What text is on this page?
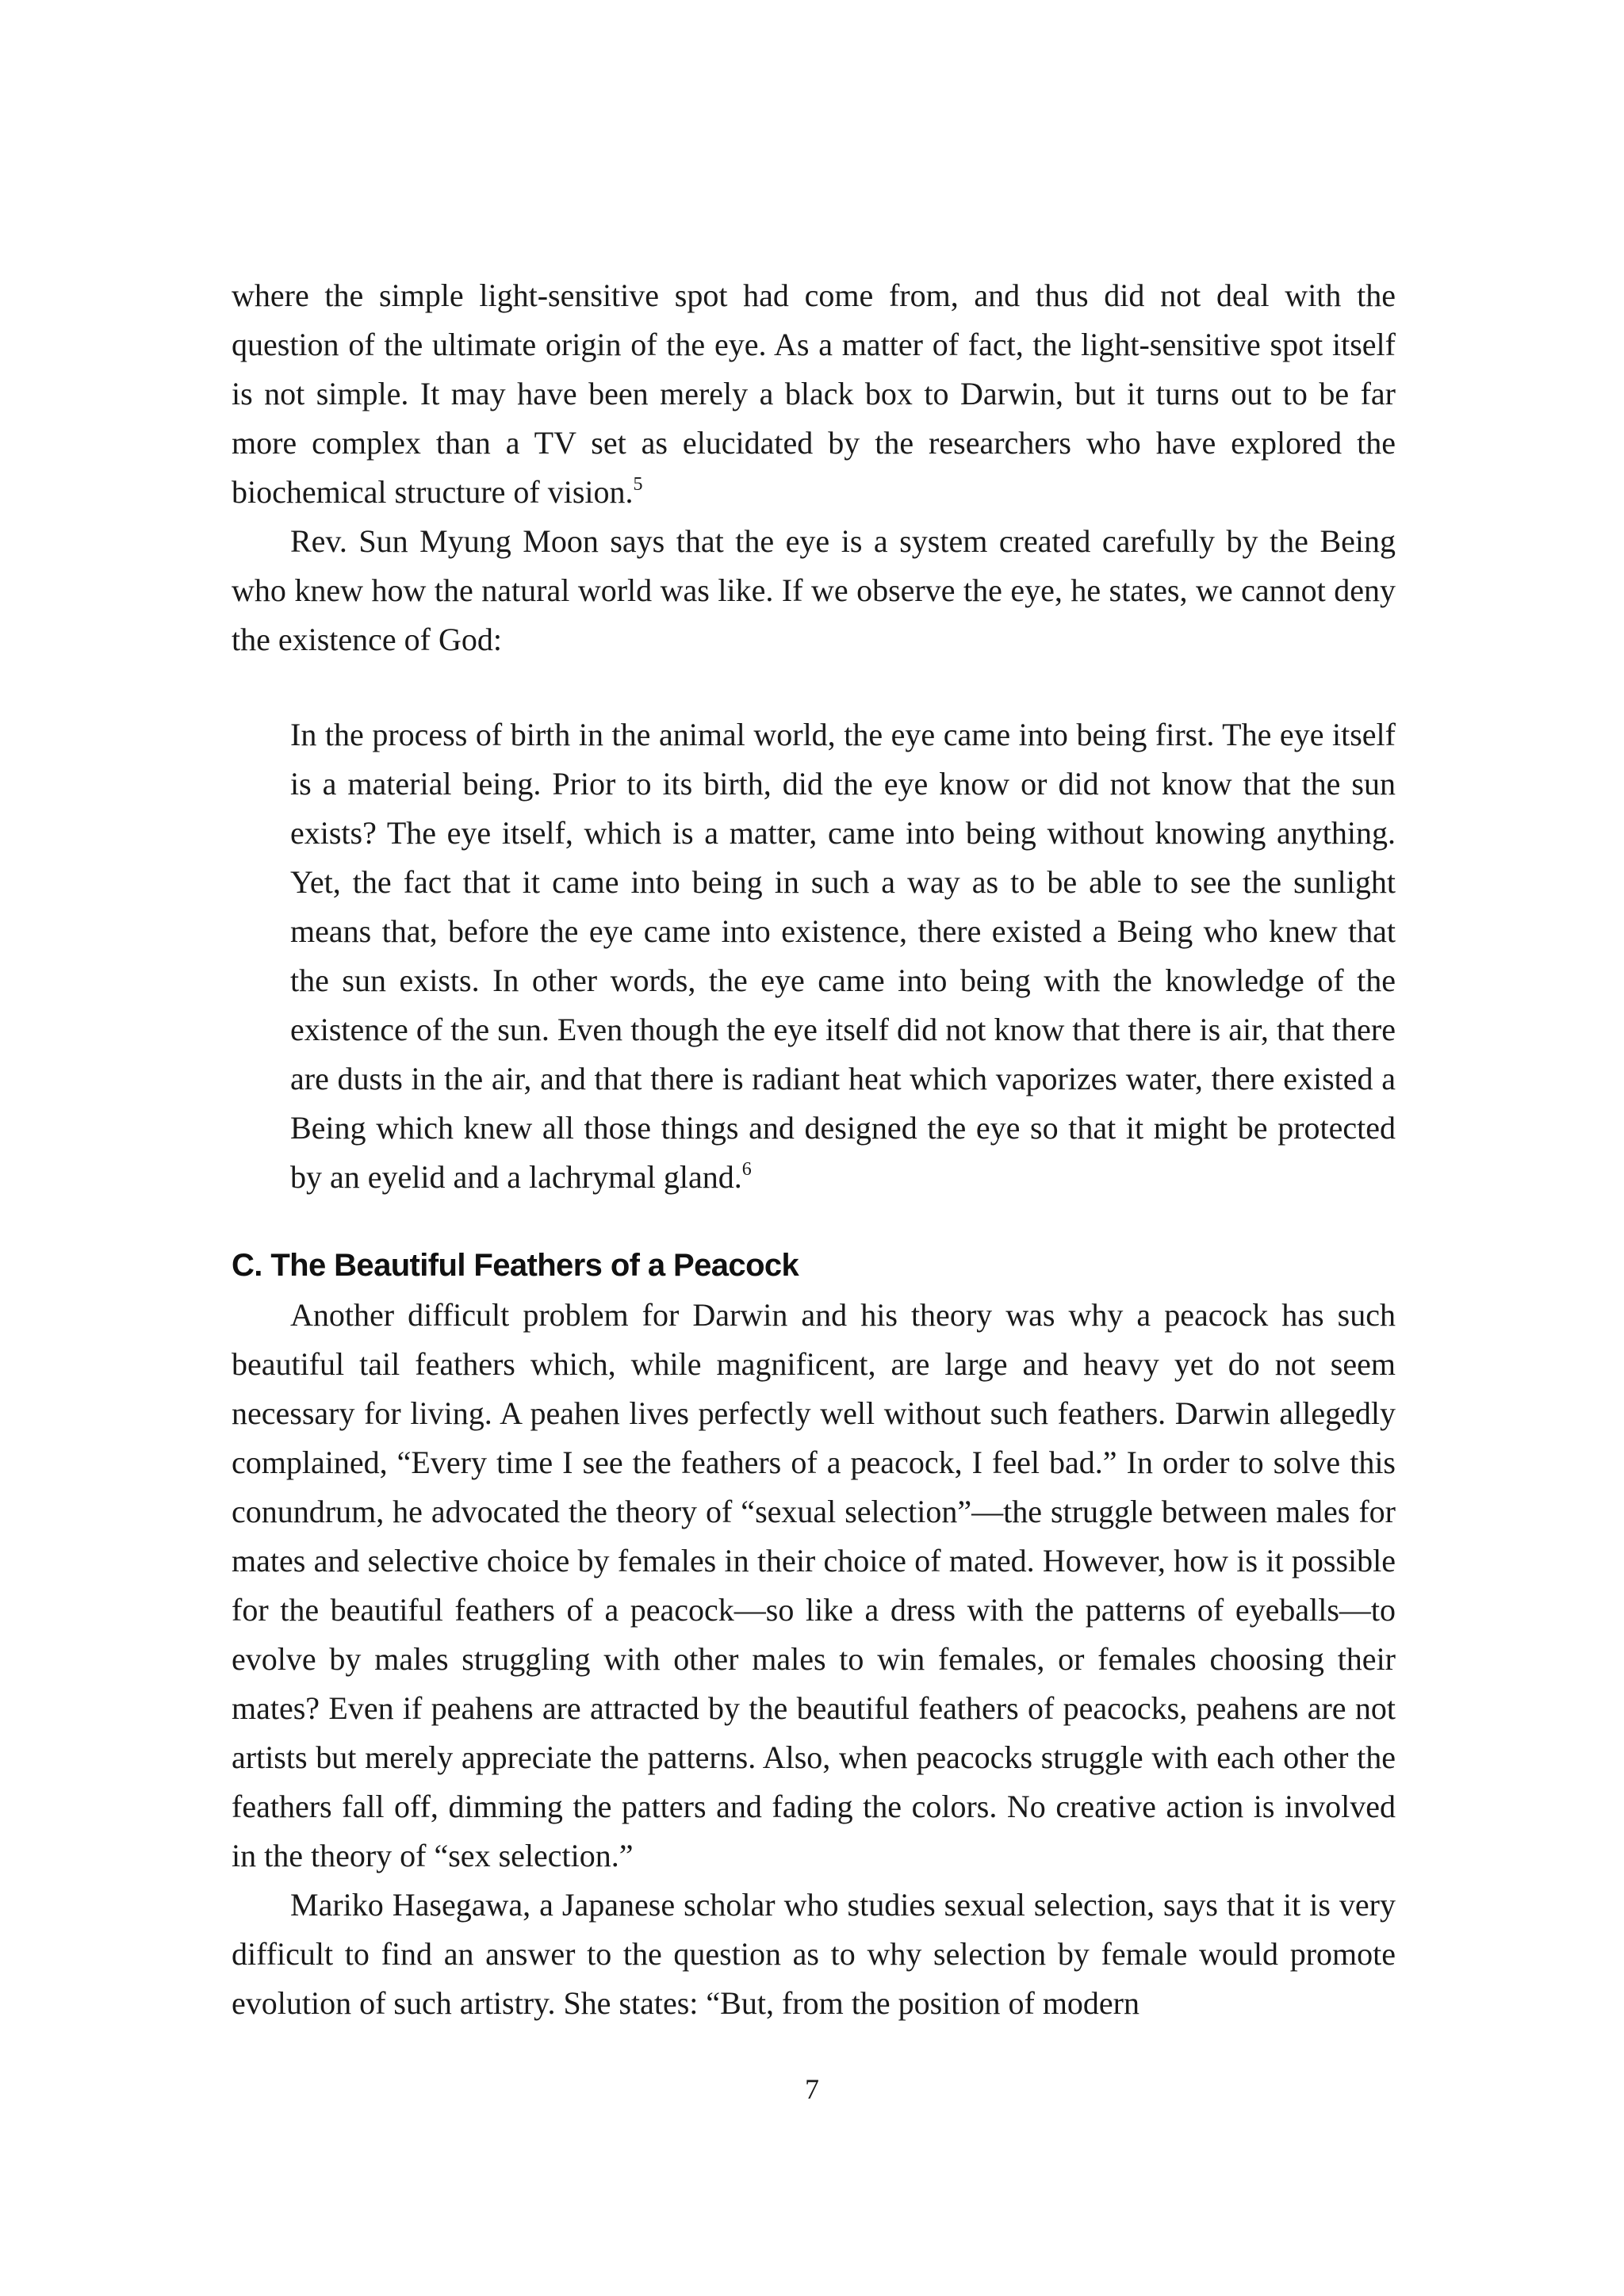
where the simple light-sensitive spot had come from, and thus did not deal with the question of the ultimate origin of the eye. As a matter of fact, the light-sensitive spot itself is not simple. It may have been merely a black box to Darwin, but it turns out to be far more complex than a TV set as elucidated by the researchers who have explored the biochemical structure of vision.$^5$

Rev. Sun Myung Moon says that the eye is a system created carefully by the Being who knew how the natural world was like. If we observe the eye, he states, we cannot deny the existence of God:

In the process of birth in the animal world, the eye came into being first. The eye itself is a material being. Prior to its birth, did the eye know or did not know that the sun exists? The eye itself, which is a matter, came into being without knowing anything. Yet, the fact that it came into being in such a way as to be able to see the sunlight means that, before the eye came into existence, there existed a Being who knew that the sun exists. In other words, the eye came into being with the knowledge of the existence of the sun. Even though the eye itself did not know that there is air, that there are dusts in the air, and that there is radiant heat which vaporizes water, there existed a Being which knew all those things and designed the eye so that it might be protected by an eyelid and a lachrymal gland.$^6$

C. The Beautiful Feathers of a Peacock

Another difficult problem for Darwin and his theory was why a peacock has such beautiful tail feathers which, while magnificent, are large and heavy yet do not seem necessary for living. A peahen lives perfectly well without such feathers. Darwin allegedly complained, “Every time I see the feathers of a peacock, I feel bad.” In order to solve this conundrum, he advocated the theory of “sexual selection”—the struggle between males for mates and selective choice by females in their choice of mated. However, how is it possible for the beautiful feathers of a peacock—so like a dress with the patterns of eyeballs—to evolve by males struggling with other males to win females, or females choosing their mates? Even if peahens are attracted by the beautiful feathers of peacocks, peahens are not artists but merely appreciate the patterns. Also, when peacocks struggle with each other the feathers fall off, dimming the patters and fading the colors. No creative action is involved in the theory of “sex selection.”

Mariko Hasegawa, a Japanese scholar who studies sexual selection, says that it is very difficult to find an answer to the question as to why selection by female would promote evolution of such artistry. She states: “But, from the position of modern

7
